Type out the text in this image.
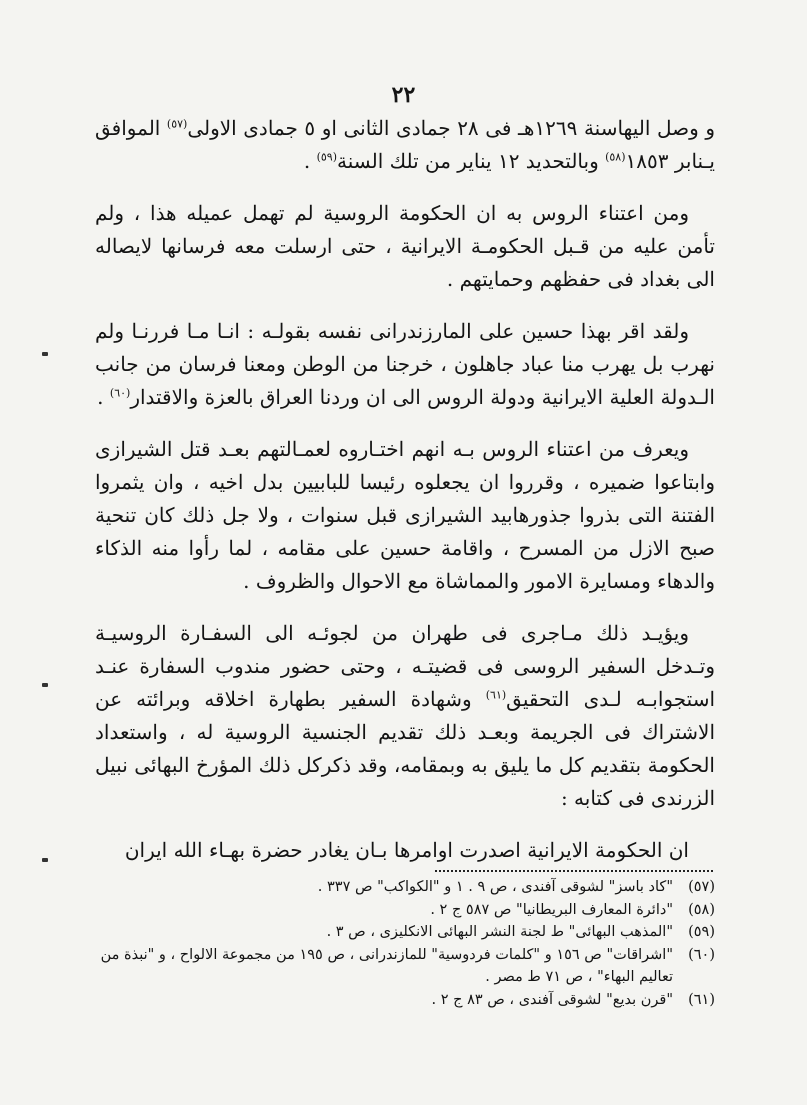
٢٢

و وصل اليهاسنة ١٢٦٩هـ فى ٢٨ جمادى الثانى او ٥ جمادى الاولى$^{(٥٧)}$ الموافق يـنابر ١٨٥٣$^{(٥٨)}$ وبالتحديد ١٢ يناير من تلك السنة$^{(٥٩)}$ .

ومن اعتناء الروس به ان الحكومة الروسية لم تهمل عميله هذا ، ولم تأمن عليه من قـبل الحكومـة الايرانية ، حتى ارسلت معه فرسانها لايصاله الى بغداد فى حفظهم وحمايتهم .

ولقد اقر بهذا حسين على المارزندرانى نفسه بقولـه : انـا مـا فررنـا ولم نهرب بل يهرب منا عباد جاهلون ، خرجنا من الوطن ومعنا فرسان من جانب الـدولة العلية الايرانية ودولة الروس الى ان وردنا العراق بالعزة والاقتدار$^{(٦٠)}$ .

ويعرف من اعتناء الروس بـه انهم اختـاروه لعمـالتهم بعـد قتل الشيرازى وابتاعوا ضميره ، وقرروا ان يجعلوه رئيسا للبابيين بدل اخيه ، وان يثمروا الفتنة التى بذروا جذورهابيد الشيرازى قبل سنوات ، ولا جل ذلك كان تنحية صبح الازل من المسرح ، واقامة حسين على مقامه ، لما رأوا منه الذكاء والدهاء ومسايرة الامور والمماشاة مع الاحوال والظروف .

ويؤيـد ذلك مـاجرى فى طهران من لجوئـه الى السفـارة الروسيـة وتـدخل السفير الروسى فى قضيتـه ، وحتى حضور مندوب السفارة عنـد استجوابـه لـدى التحقيق$^{(٦١)}$ وشهادة السفير بطهارة اخلاقه وبرائته عن الاشتراك فى الجريمة وبعـد ذلك تقديم الجنسية الروسية له ، واستعداد الحكومة بتقديم كل ما يليق به وبمقامه، وقد ذكركل ذلك المؤرخ البهائى نبيل الزرندى فى كتابه :

ان الحكومة الايرانية اصدرت اوامرها بـان يغادر حضرة بهـاء الله ايران

(٥٧)
"كاد باسز" لشوقى آفندى ، ص ٩ . ١ و "الكواكب" ص ٣٣٧ .
(٥٨)
"دائرة المعارف البريطانيا" ص ٥٨٧ ج ٢ .
(٥٩)
"المذهب البهائى" ط لجنة النشر البهائى الانكليزى ، ص ٣ .
(٦٠)
"اشراقات" ص ١٥٦ و "كلمات فردوسية" للمازندرانى ، ص ١٩٥ من مجموعة الالواح ، و "نبذة من تعاليم البهاء" ، ص ٧١ ط مصر .
(٦١)
"قرن بديع" لشوقى آفندى ، ص ٨٣ ج ٢ .
